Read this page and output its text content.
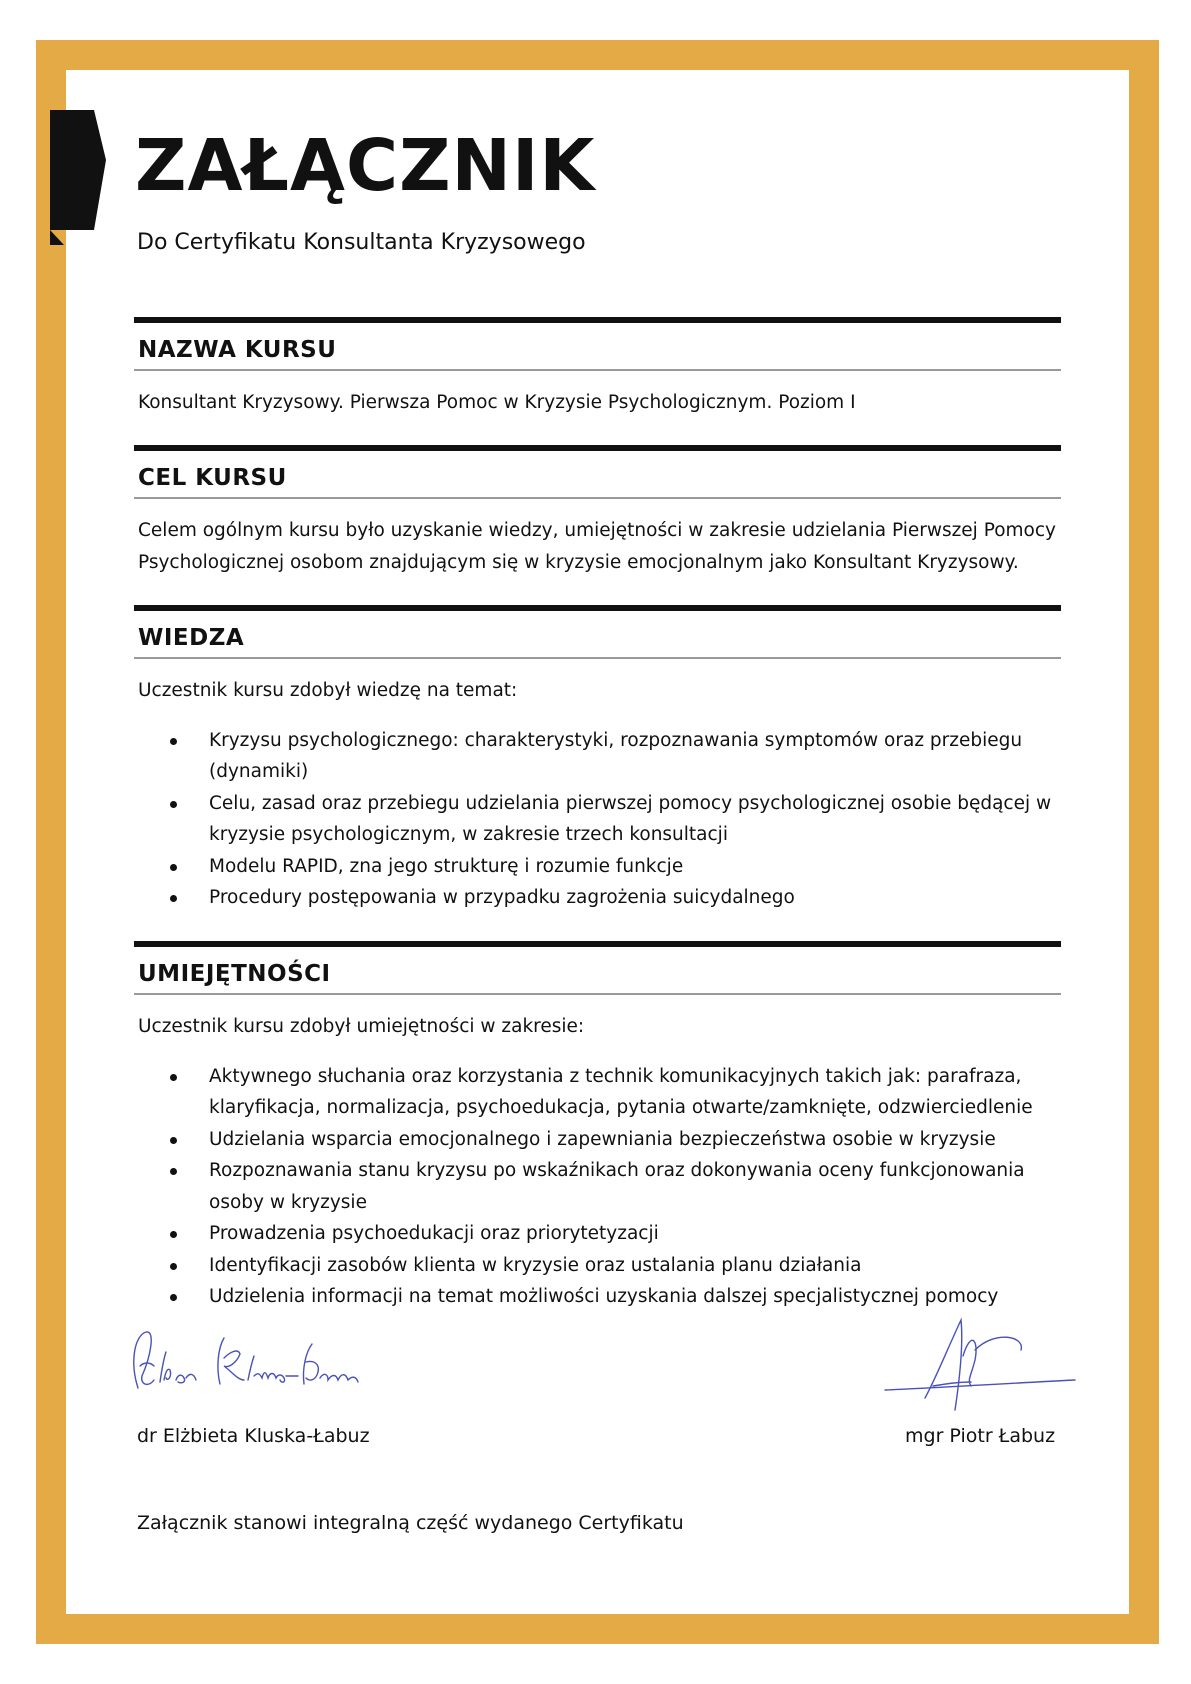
ZAŁĄCZNIK
Do Certyfikatu Konsultanta Kryzysowego
NAZWA KURSU
Konsultant Kryzysowy. Pierwsza Pomoc w Kryzysie Psychologicznym. Poziom I
CEL KURSU
Celem ogólnym kursu było uzyskanie wiedzy, umiejętności w zakresie udzielania Pierwszej Pomocy Psychologicznej osobom znajdującym się w kryzysie emocjonalnym jako Konsultant Kryzysowy.
WIEDZA
Uczestnik kursu zdobył wiedzę na temat:
Kryzysu psychologicznego: charakterystyki, rozpoznawania symptomów oraz przebiegu (dynamiki)
Celu, zasad oraz przebiegu udzielania pierwszej pomocy psychologicznej osobie będącej w kryzysie psychologicznym, w zakresie trzech konsultacji
Modelu RAPID, zna jego strukturę i rozumie funkcje
Procedury postępowania w przypadku zagrożenia suicydalnego
UMIEJĘTNOŚCI
Uczestnik kursu zdobył umiejętności w zakresie:
Aktywnego słuchania oraz korzystania z technik komunikacyjnych takich jak: parafraza, klaryfikacja, normalizacja, psychoedukacja, pytania otwarte/zamknięte, odzwierciedlenie
Udzielania wsparcia emocjonalnego i zapewniania bezpieczeństwa osobie w kryzysie
Rozpoznawania stanu kryzysu po wskaźnikach oraz dokonywania oceny funkcjonowania osoby w kryzysie
Prowadzenia psychoedukacji oraz priorytetyzacji
Identyfikacji zasobów klienta w kryzysie oraz ustalania planu działania
Udzielenia informacji na temat możliwości uzyskania dalszej specjalistycznej pomocy
dr Elżbieta Kluska-Łabuz	mgr Piotr Łabuz
Załącznik stanowi integralną część wydanego Certyfikatu
